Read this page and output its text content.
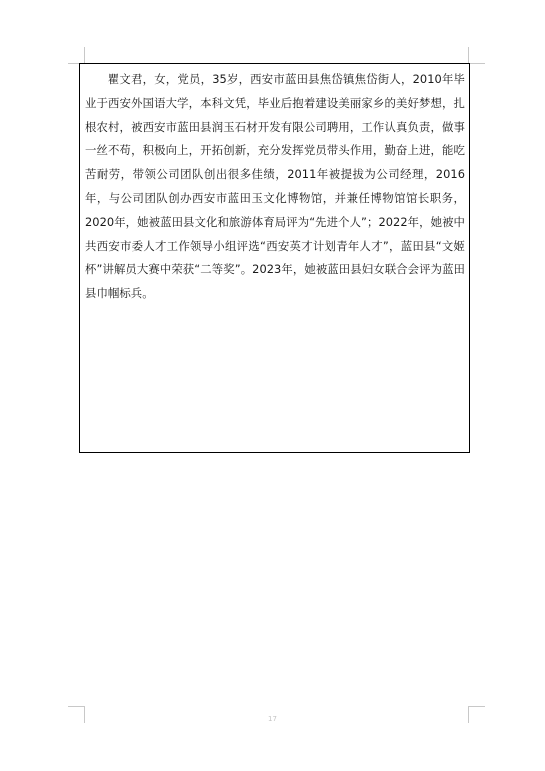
瞿文君，女，党员，35岁，西安市蓝田县焦岱镇焦岱街人，2010年毕业于西安外国语大学，本科文凭，毕业后抱着建设美丽家乡的美好梦想，扎根农村，被西安市蓝田县润玉石材开发有限公司聘用，工作认真负责，做事一丝不苟，积极向上，开拓创新，充分发挥党员带头作用，勤奋上进，能吃苦耐劳，带领公司团队创出很多佳绩，2011年被提拔为公司经理，2016年，与公司团队创办西安市蓝田玉文化博物馆，并兼任博物馆馆长职务，2020年，她被蓝田县文化和旅游体育局评为“先进个人”；2022年，她被中共西安市委人才工作领导小组评选“西安英才计划青年人才”，蓝田县“文姬杯”讲解员大赛中荣获“二等奖”。2023年，她被蓝田县妇女联合会评为蓝田县巾帼标兵。

17
